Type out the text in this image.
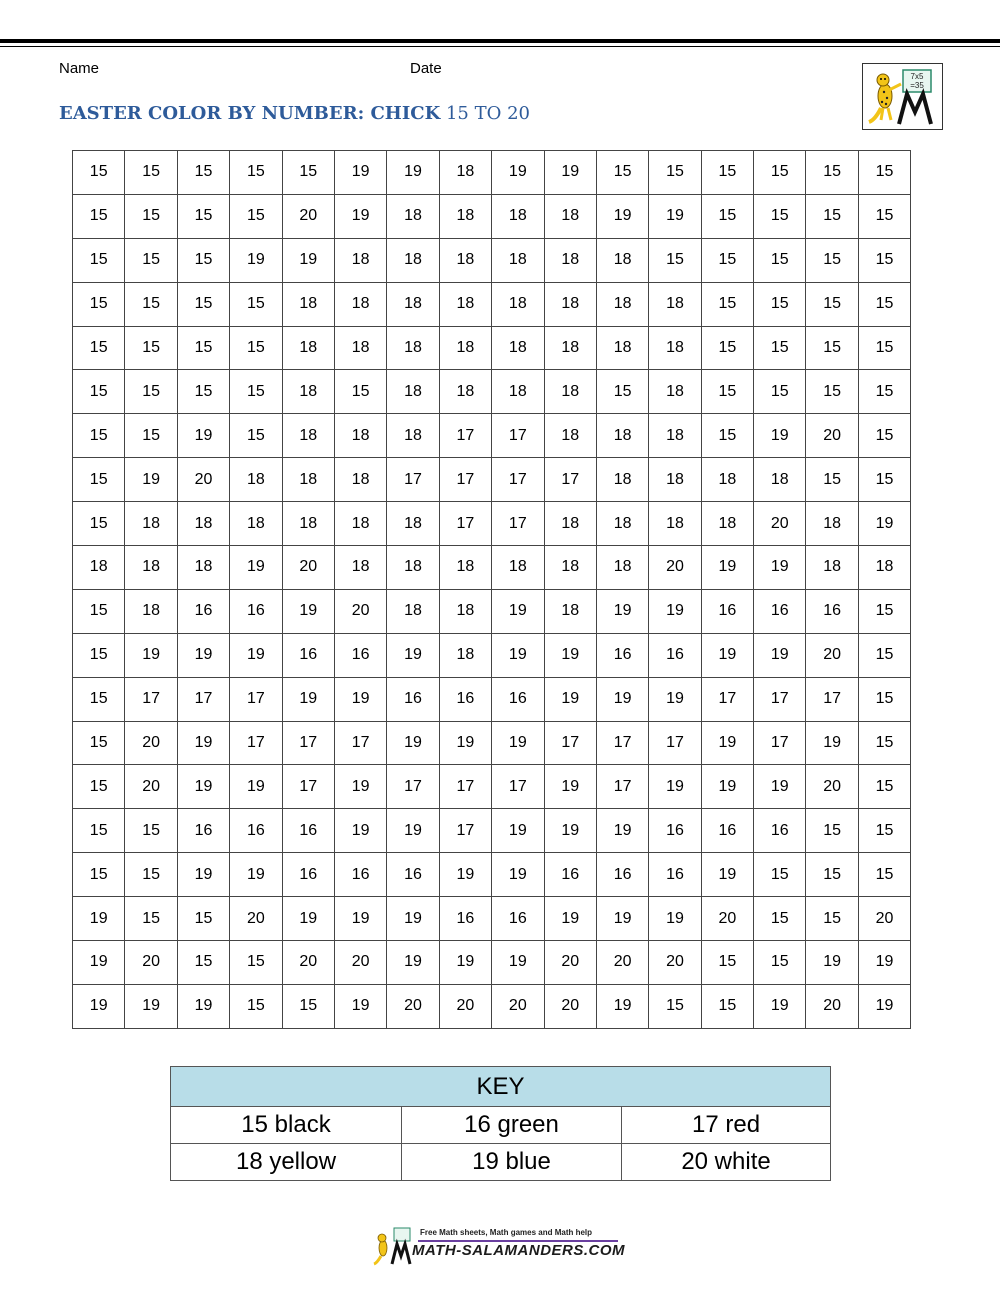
Name	Date
EASTER COLOR BY NUMBER: CHICK 15 TO 20
7x5
=35
15	15	15	15	15	19	19	18	19	19	15	15	15	15	15	15
15	15	15	15	20	19	18	18	18	18	19	19	15	15	15	15
15	15	15	19	19	18	18	18	18	18	18	15	15	15	15	15
15	15	15	15	18	18	18	18	18	18	18	18	15	15	15	15
15	15	15	15	18	18	18	18	18	18	18	18	15	15	15	15
15	15	15	15	18	15	18	18	18	18	15	18	15	15	15	15
15	15	19	15	18	18	18	17	17	18	18	18	15	19	20	15
15	19	20	18	18	18	17	17	17	17	18	18	18	18	15	15
15	18	18	18	18	18	18	17	17	18	18	18	18	20	18	19
18	18	18	19	20	18	18	18	18	18	18	20	19	19	18	18
15	18	16	16	19	20	18	18	19	18	19	19	16	16	16	15
15	19	19	19	16	16	19	18	19	19	16	16	19	19	20	15
15	17	17	17	19	19	16	16	16	19	19	19	17	17	17	15
15	20	19	17	17	17	19	19	19	17	17	17	19	17	19	15
15	20	19	19	17	19	17	17	17	19	17	19	19	19	20	15
15	15	16	16	16	19	19	17	19	19	19	16	16	16	15	15
15	15	19	19	16	16	16	19	19	16	16	16	19	15	15	15
19	15	15	20	19	19	19	16	16	19	19	19	20	15	15	20
19	20	15	15	20	20	19	19	19	20	20	20	15	15	19	19
19	19	19	15	15	19	20	20	20	20	19	15	15	19	20	19
KEY		
15 black	16 green	17 red
18 yellow	19 blue	20 white
Free Math sheets, Math games and Math help
MATH-SALAMANDERS.COM
